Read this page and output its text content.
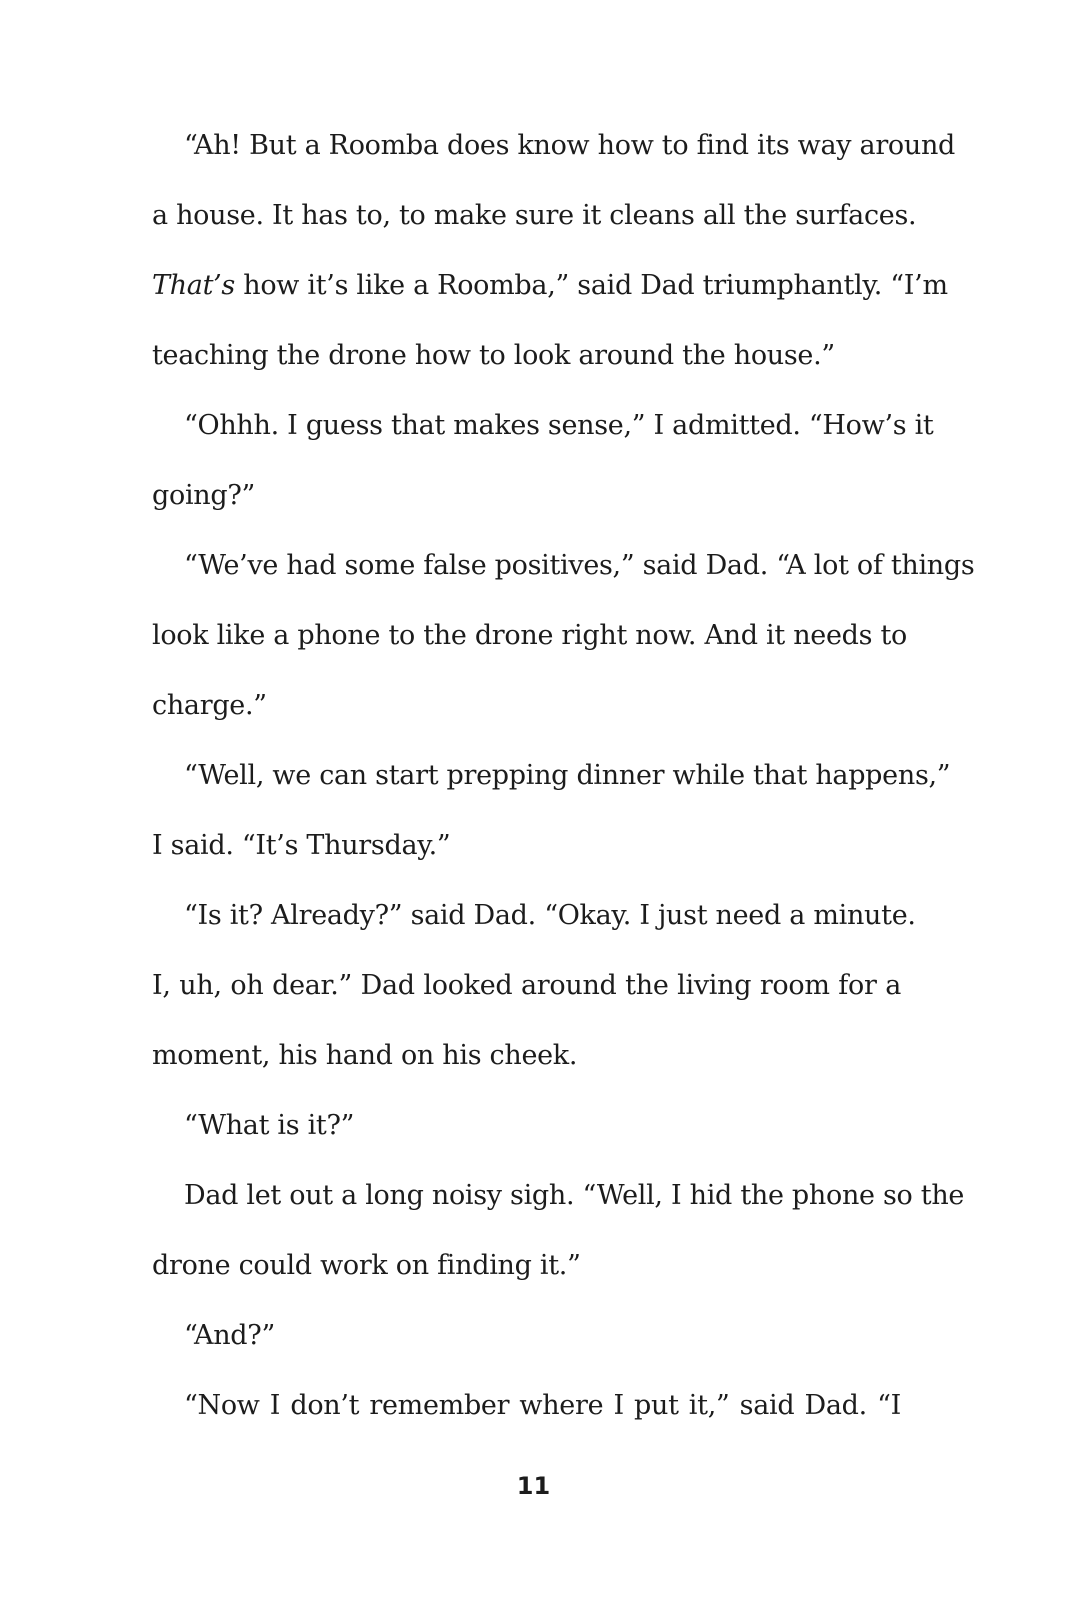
“Ah! But a Roomba does know how to find its way around
a house. It has to, to make sure it cleans all the surfaces.
That’s how it’s like a Roomba,” said Dad triumphantly. “I’m
teaching the drone how to look around the house.”
“Ohhh. I guess that makes sense,” I admitted. “How’s it
going?”
“We’ve had some false positives,” said Dad. “A lot of things
look like a phone to the drone right now. And it needs to
charge.”
“Well, we can start prepping dinner while that happens,”
I said. “It’s Thursday.”
“Is it? Already?” said Dad. “Okay. I just need a minute.
I, uh, oh dear.” Dad looked around the living room for a
moment, his hand on his cheek.
“What is it?”
Dad let out a long noisy sigh. “Well, I hid the phone so the
drone could work on finding it.”
“And?”
“Now I don’t remember where I put it,” said Dad. “I
11
